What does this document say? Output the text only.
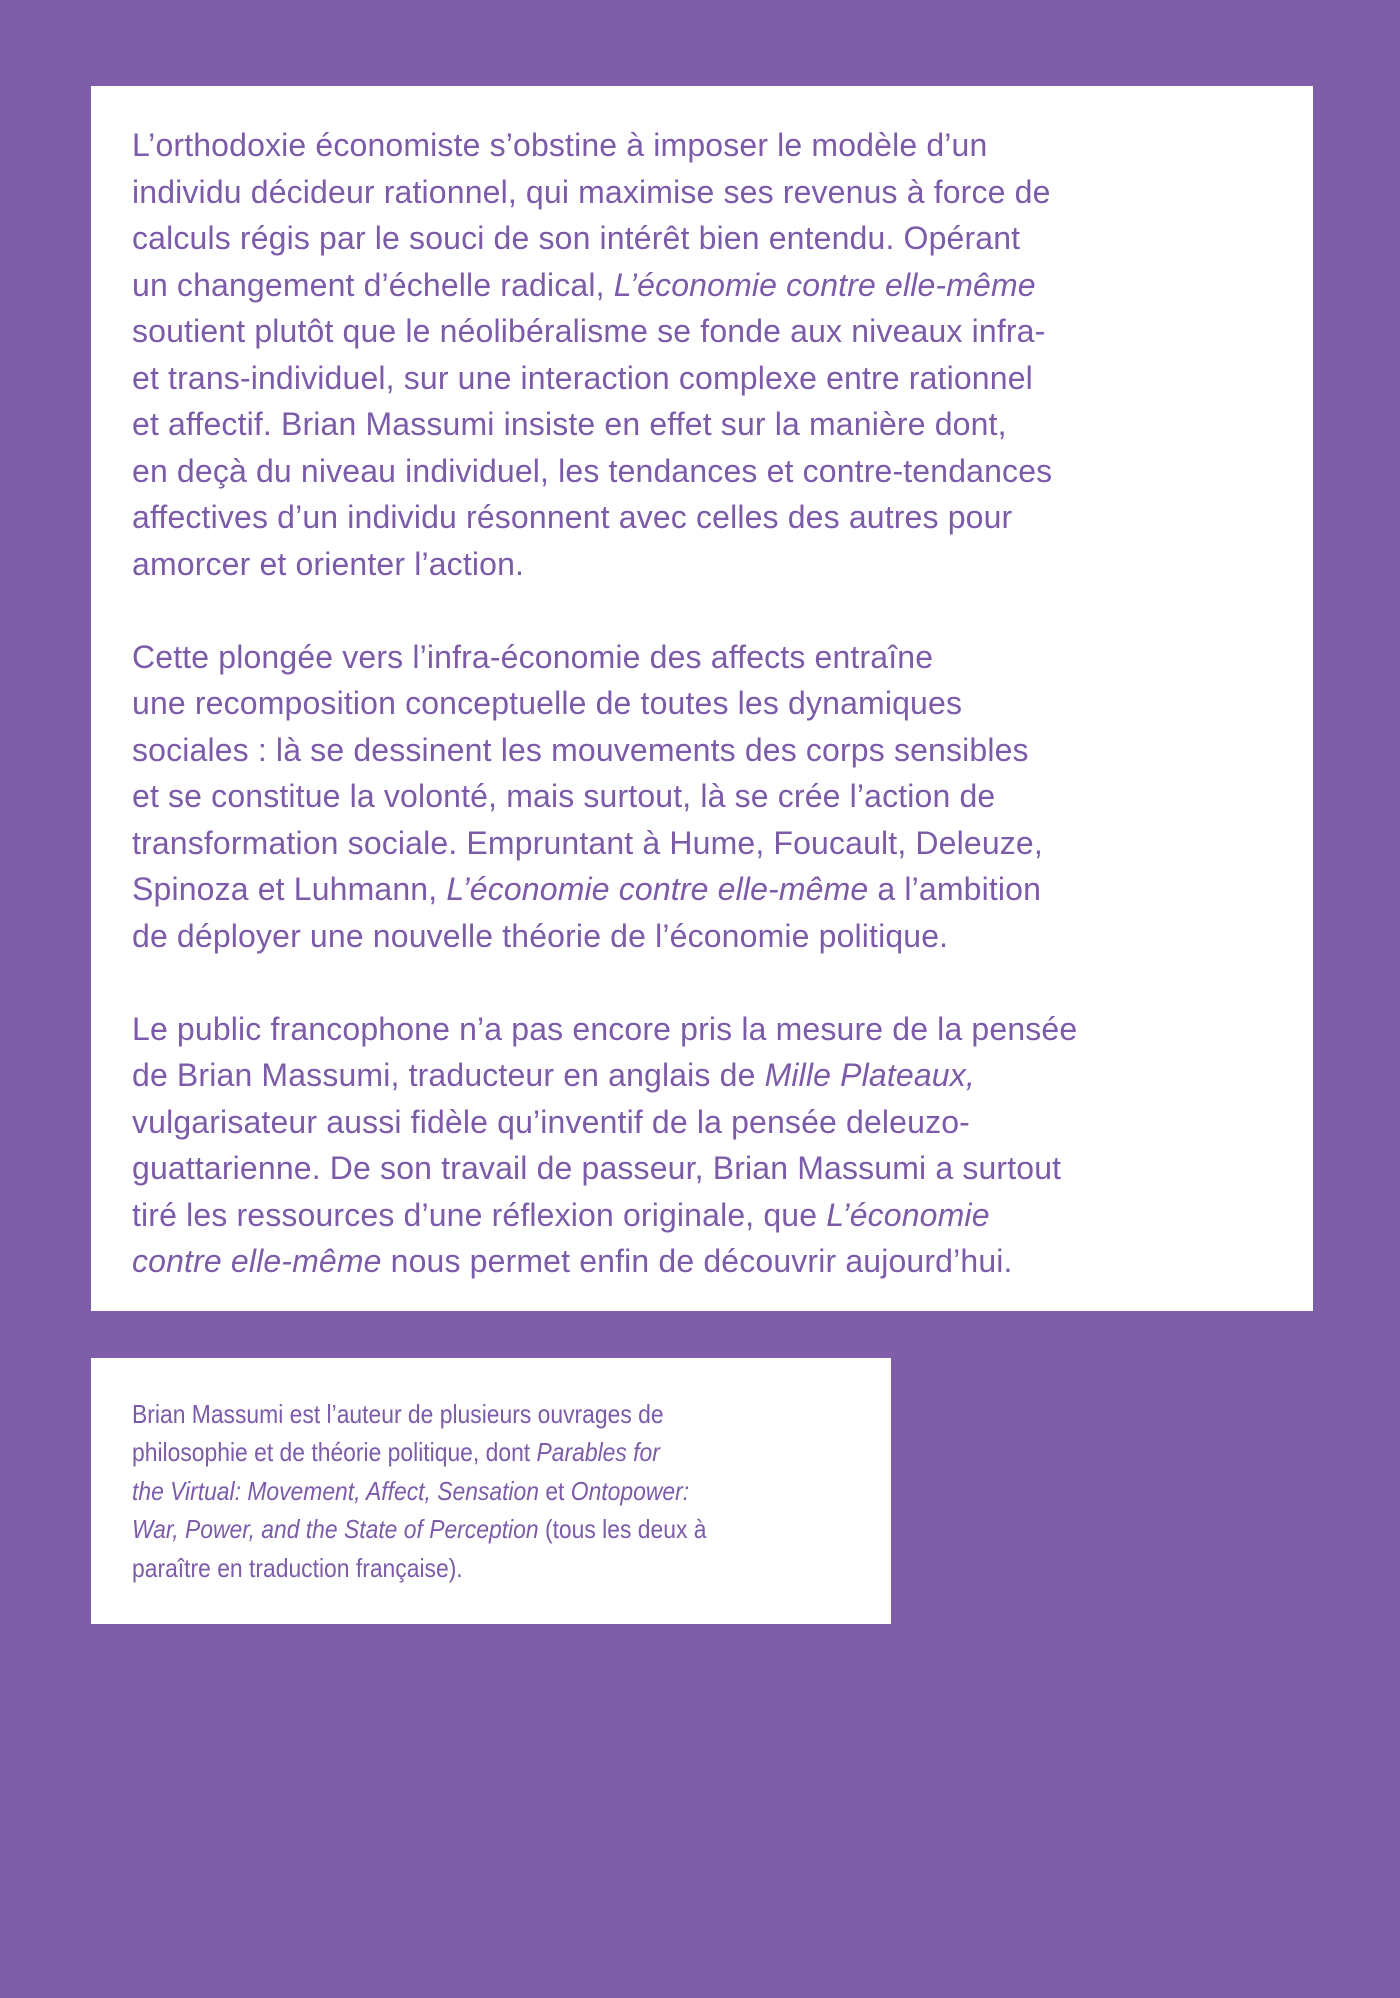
L’orthodoxie économiste s’obstine à imposer le modèle d’un
individu décideur rationnel, qui maximise ses revenus à force de
calculs régis par le souci de son intérêt bien entendu. Opérant
un changement d’échelle radical, L’économie contre elle-même
soutient plutôt que le néolibéralisme se fonde aux niveaux infra-
et trans-individuel, sur une interaction complexe entre rationnel
et affectif. Brian Massumi insiste en effet sur la manière dont,
en deçà du niveau individuel, les tendances et contre-tendances
affectives d’un individu résonnent avec celles des autres pour
amorcer et orienter l’action.

Cette plongée vers l’infra-économie des affects entraîne
une recomposition conceptuelle de toutes les dynamiques
sociales : là se dessinent les mouvements des corps sensibles
et se constitue la volonté, mais surtout, là se crée l’action de
transformation sociale. Empruntant à Hume, Foucault, Deleuze,
Spinoza et Luhmann, L’économie contre elle-même a l’ambition
de déployer une nouvelle théorie de l’économie politique.

Le public francophone n’a pas encore pris la mesure de la pensée
de Brian Massumi, traducteur en anglais de Mille Plateaux,
vulgarisateur aussi fidèle qu’inventif de la pensée deleuzo-
guattarienne. De son travail de passeur, Brian Massumi a surtout
tiré les ressources d’une réflexion originale, que L’économie
contre elle-même nous permet enfin de découvrir aujourd’hui.

Brian Massumi est l’auteur de plusieurs ouvrages de
philosophie et de théorie politique, dont Parables for
the Virtual: Movement, Affect, Sensation et Ontopower:
War, Power, and the State of Perception (tous les deux à
paraître en traduction française).
